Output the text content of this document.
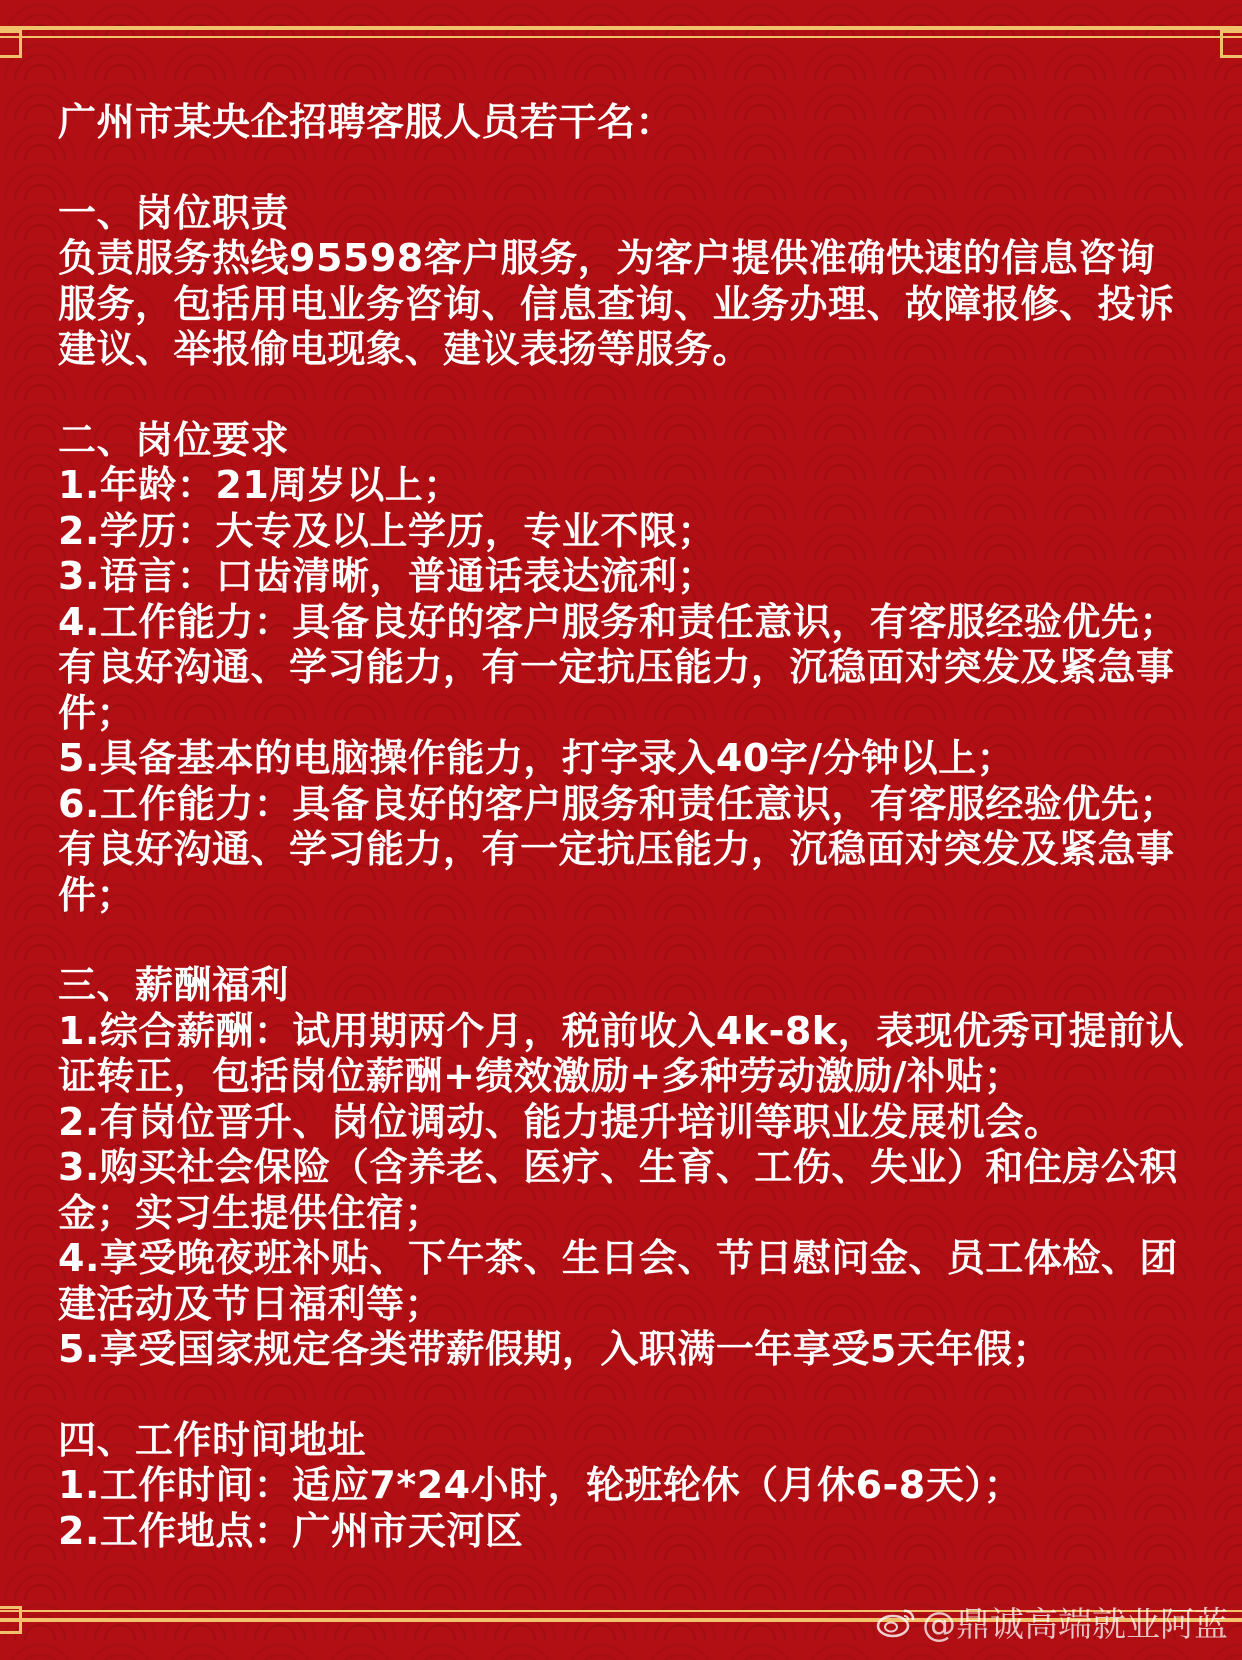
广州市某央企招聘客服人员若干名：

一、岗位职责

负责服务热线95598客户服务，为客户提供准确快速的信息咨询服务，包括用电业务咨询、信息查询、业务办理、故障报修、投诉建议、举报偷电现象、建议表扬等服务。

二、岗位要求

1.年龄：21周岁以上；

2.学历：大专及以上学历，专业不限；

3.语言：口齿清晰，普通话表达流利；

4.工作能力：具备良好的客户服务和责任意识，有客服经验优先；有良好沟通、学习能力，有一定抗压能力，沉稳面对突发及紧急事件；

5.具备基本的电脑操作能力，打字录入40字/分钟以上；

6.工作能力：具备良好的客户服务和责任意识，有客服经验优先；有良好沟通、学习能力，有一定抗压能力，沉稳面对突发及紧急事件；

三、薪酬福利

1.综合薪酬：试用期两个月，税前收入4k-8k，表现优秀可提前认证转正，包括岗位薪酬+绩效激励+多种劳动激励/补贴；

2.有岗位晋升、岗位调动、能力提升培训等职业发展机会。

3.购买社会保险（含养老、医疗、生育、工伤、失业）和住房公积金；实习生提供住宿；

4.享受晚夜班补贴、下午茶、生日会、节日慰问金、员工体检、团建活动及节日福利等；

5.享受国家规定各类带薪假期，入职满一年享受5天年假；

四、工作时间地址

1.工作时间：适应7*24小时，轮班轮休（月休6-8天）；

2.工作地点：广州市天河区

@鼎诚高端就业阿蓝
